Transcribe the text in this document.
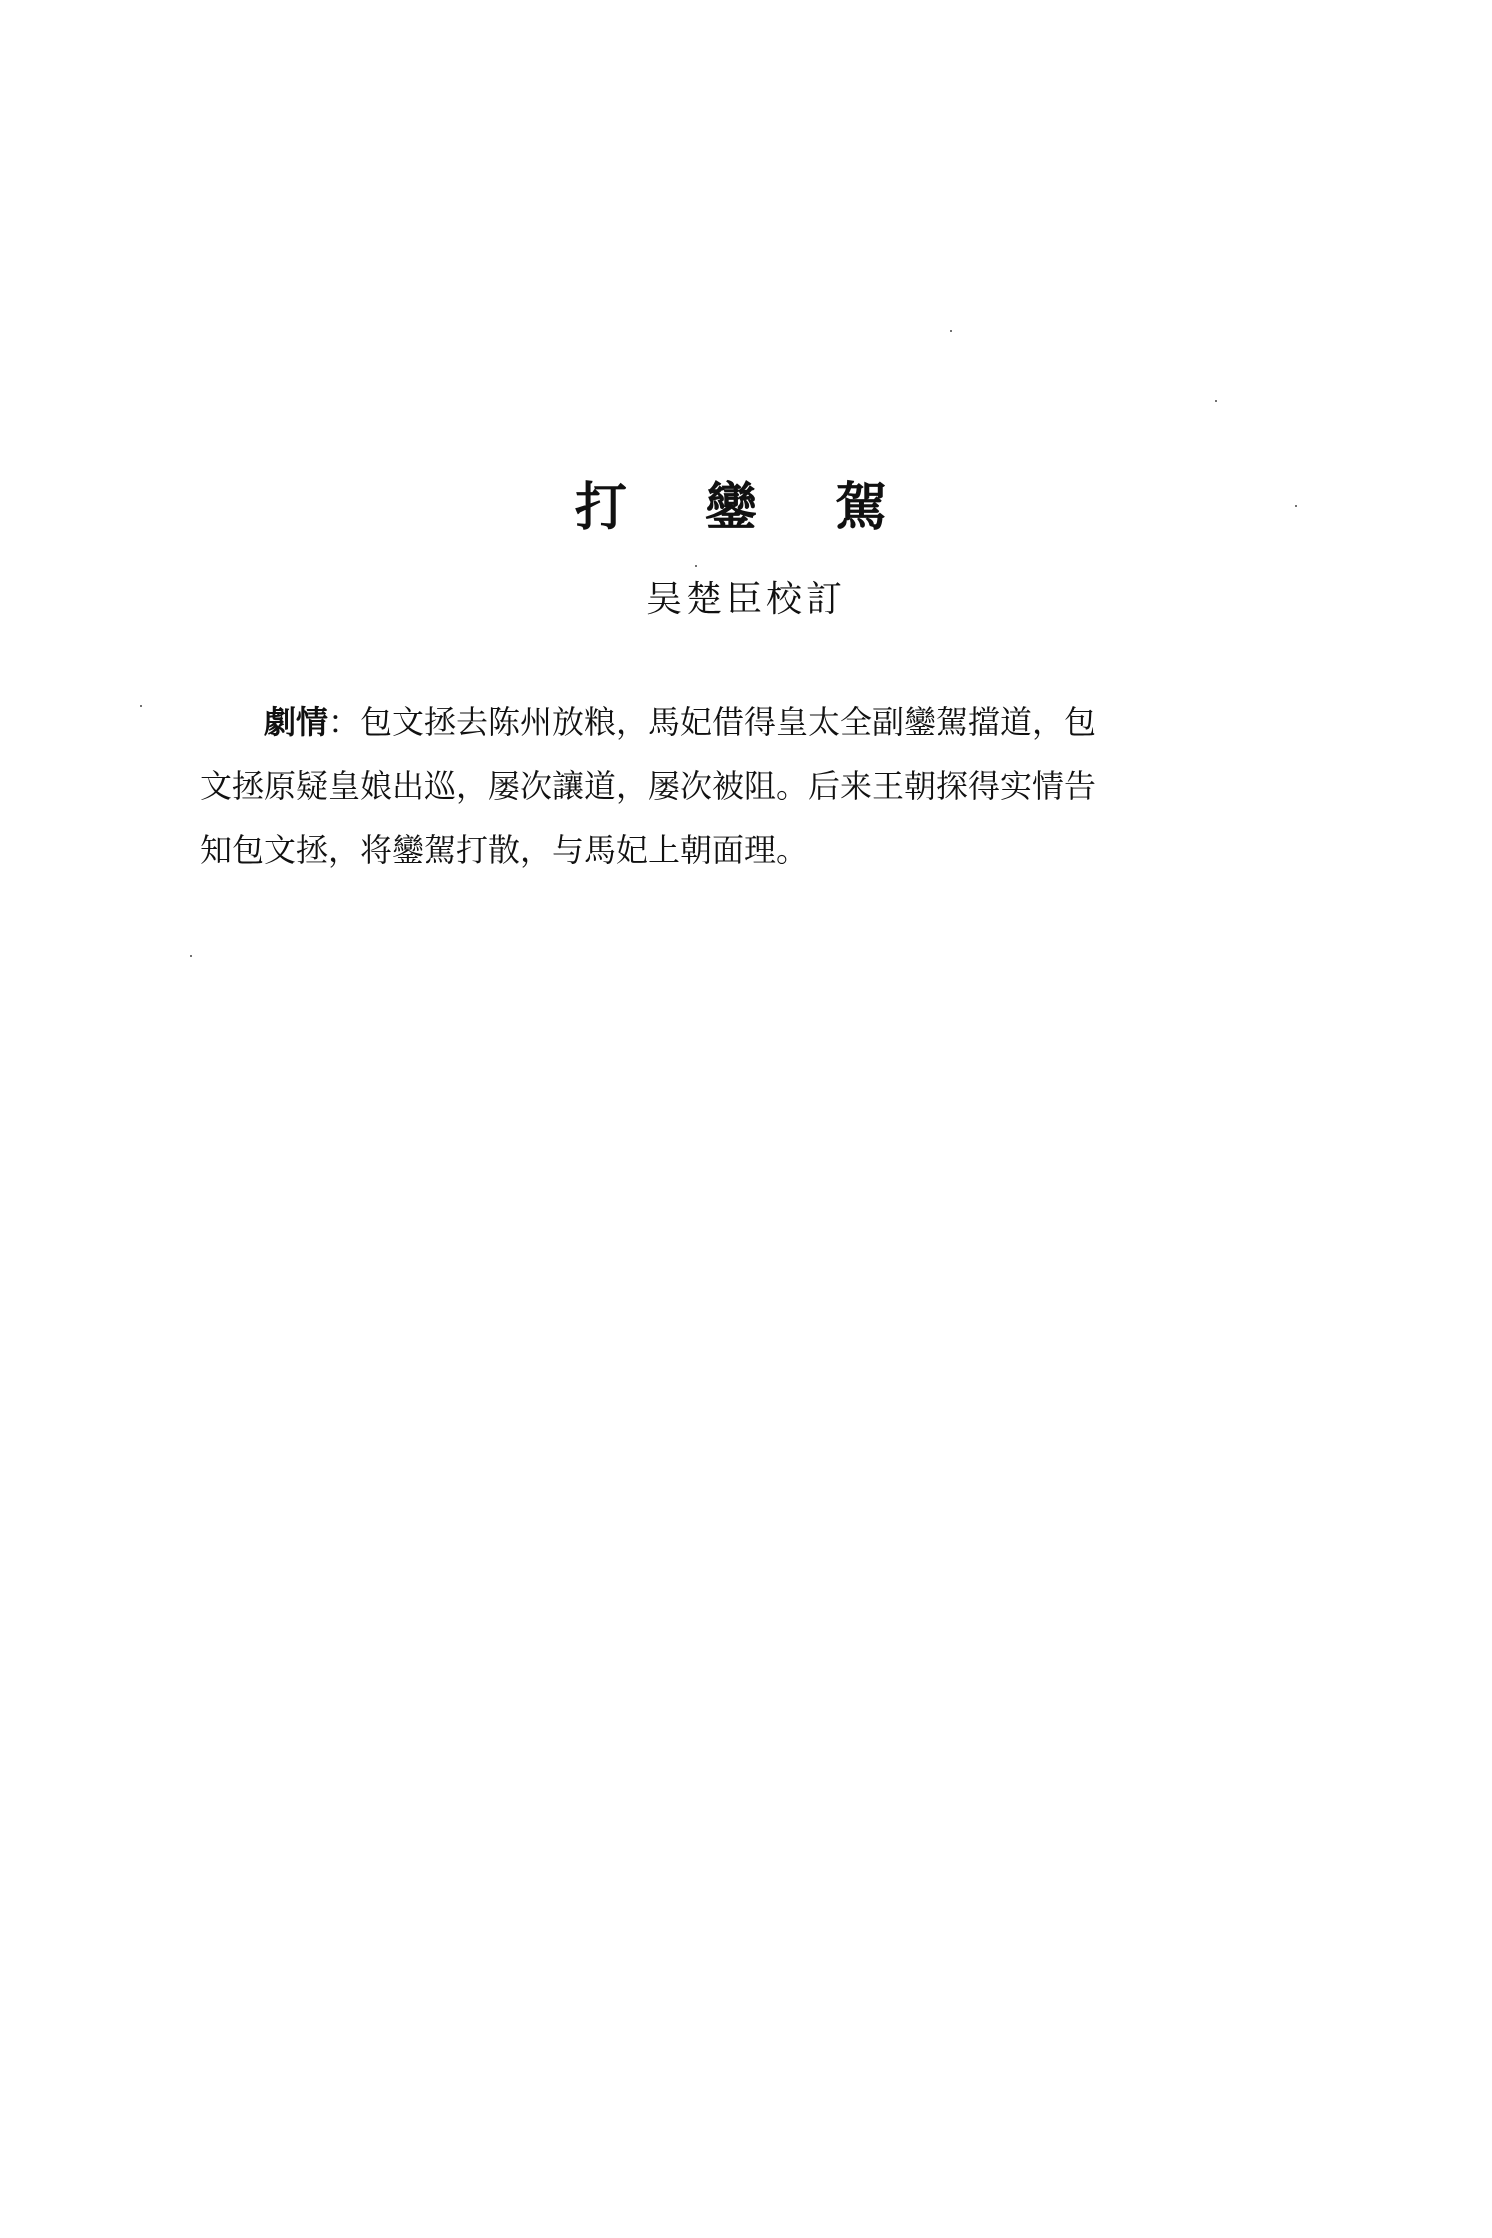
打 鑾 駕
吴楚臣校訂
劇情：包文拯去陈州放粮，馬妃借得皇太全副鑾駕擋道，包
文拯原疑皇娘出巡，屡次讓道，屡次被阻。后来王朝探得实情告
知包文拯，将鑾駕打散，与馬妃上朝面理。
